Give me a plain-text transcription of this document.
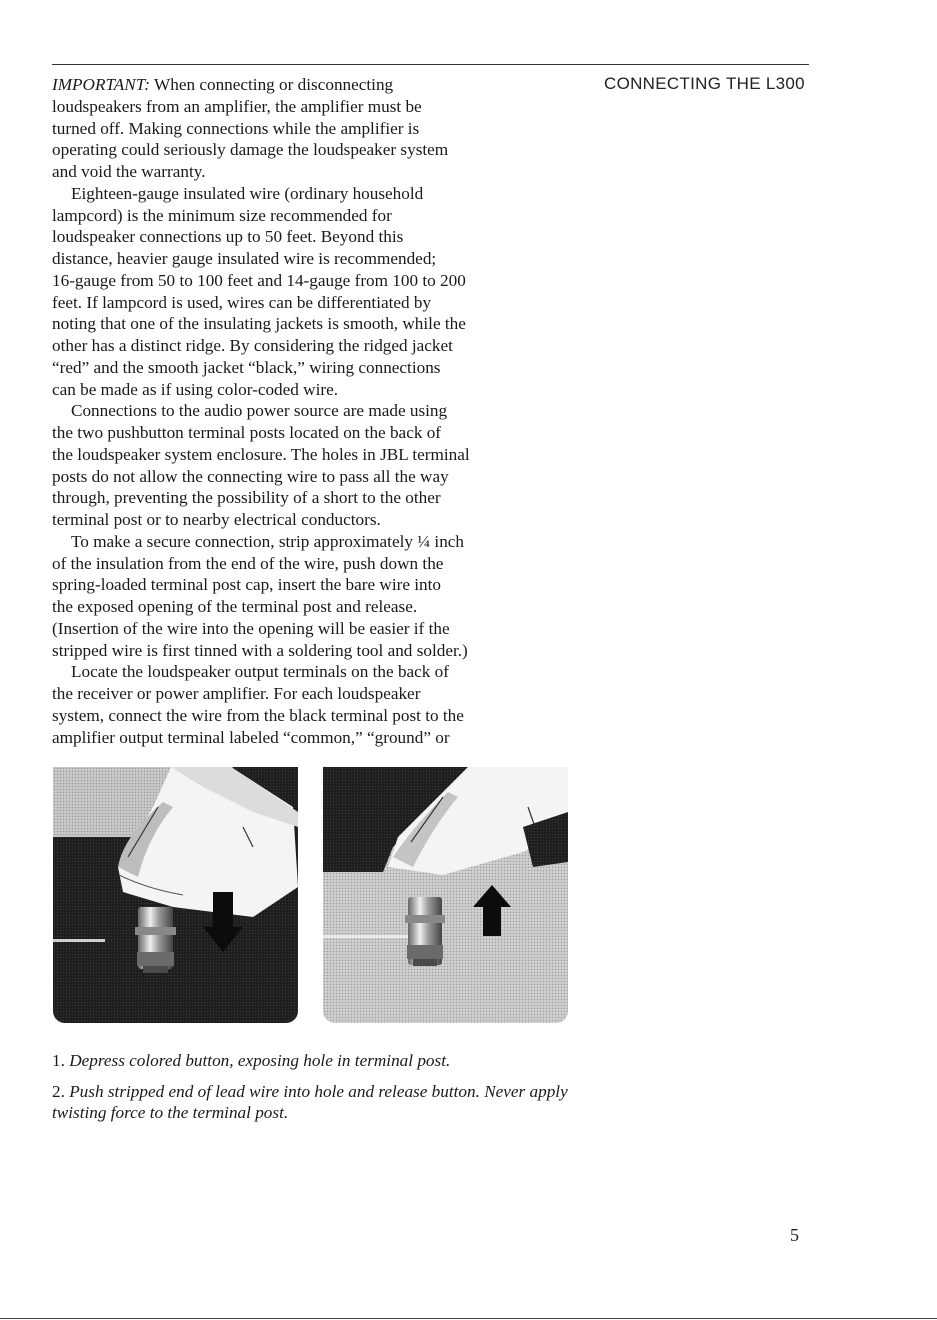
CONNECTING THE L300
IMPORTANT: When connecting or disconnecting
loudspeakers from an amplifier, the amplifier must be
turned off. Making connections while the amplifier is
operating could seriously damage the loudspeaker system
and void the warranty.
Eighteen-gauge insulated wire (ordinary household
lampcord) is the minimum size recommended for
loudspeaker connections up to 50 feet. Beyond this
distance, heavier gauge insulated wire is recommended;
16-gauge from 50 to 100 feet and 14-gauge from 100 to 200
feet. If lampcord is used, wires can be differentiated by
noting that one of the insulating jackets is smooth, while the
other has a distinct ridge. By considering the ridged jacket
“red” and the smooth jacket “black,” wiring connections
can be made as if using color-coded wire.
Connections to the audio power source are made using
the two pushbutton terminal posts located on the back of
the loudspeaker system enclosure. The holes in JBL terminal
posts do not allow the connecting wire to pass all the way
through, preventing the possibility of a short to the other
terminal post or to nearby electrical conductors.
To make a secure connection, strip approximately ¼ inch
of the insulation from the end of the wire, push down the
spring-loaded terminal post cap, insert the bare wire into
the exposed opening of the terminal post and release.
(Insertion of the wire into the opening will be easier if the
stripped wire is first tinned with a soldering tool and solder.)
Locate the loudspeaker output terminals on the back of
the receiver or power amplifier. For each loudspeaker
system, connect the wire from the black terminal post to the
amplifier output terminal labeled “common,” “ground” or

1. Depress colored button, exposing hole in terminal post.

2. Push stripped end of lead wire into hole and release button. Never apply twisting force to the terminal post.

5
